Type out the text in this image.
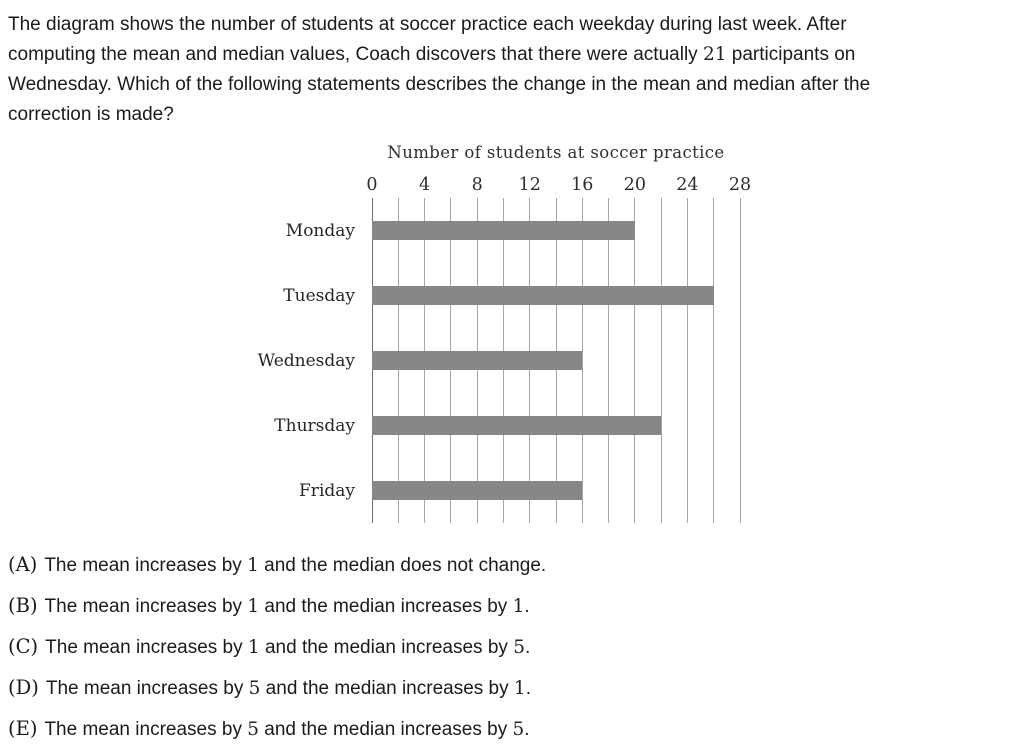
The diagram shows the number of students at soccer practice each weekday during last week. After
computing the mean and median values, Coach discovers that there were actually 21 participants on
Wednesday. Which of the following statements describes the change in the mean and median after the
correction is made?
Number of students at soccer practice
0 4 8 12 16 20 24 28
Monday
Tuesday
Wednesday
Thursday
Friday
(A) The mean increases by 1 and the median does not change.
(B) The mean increases by 1 and the median increases by 1.
(C) The mean increases by 1 and the median increases by 5.
(D) The mean increases by 5 and the median increases by 1.
(E) The mean increases by 5 and the median increases by 5.
····
